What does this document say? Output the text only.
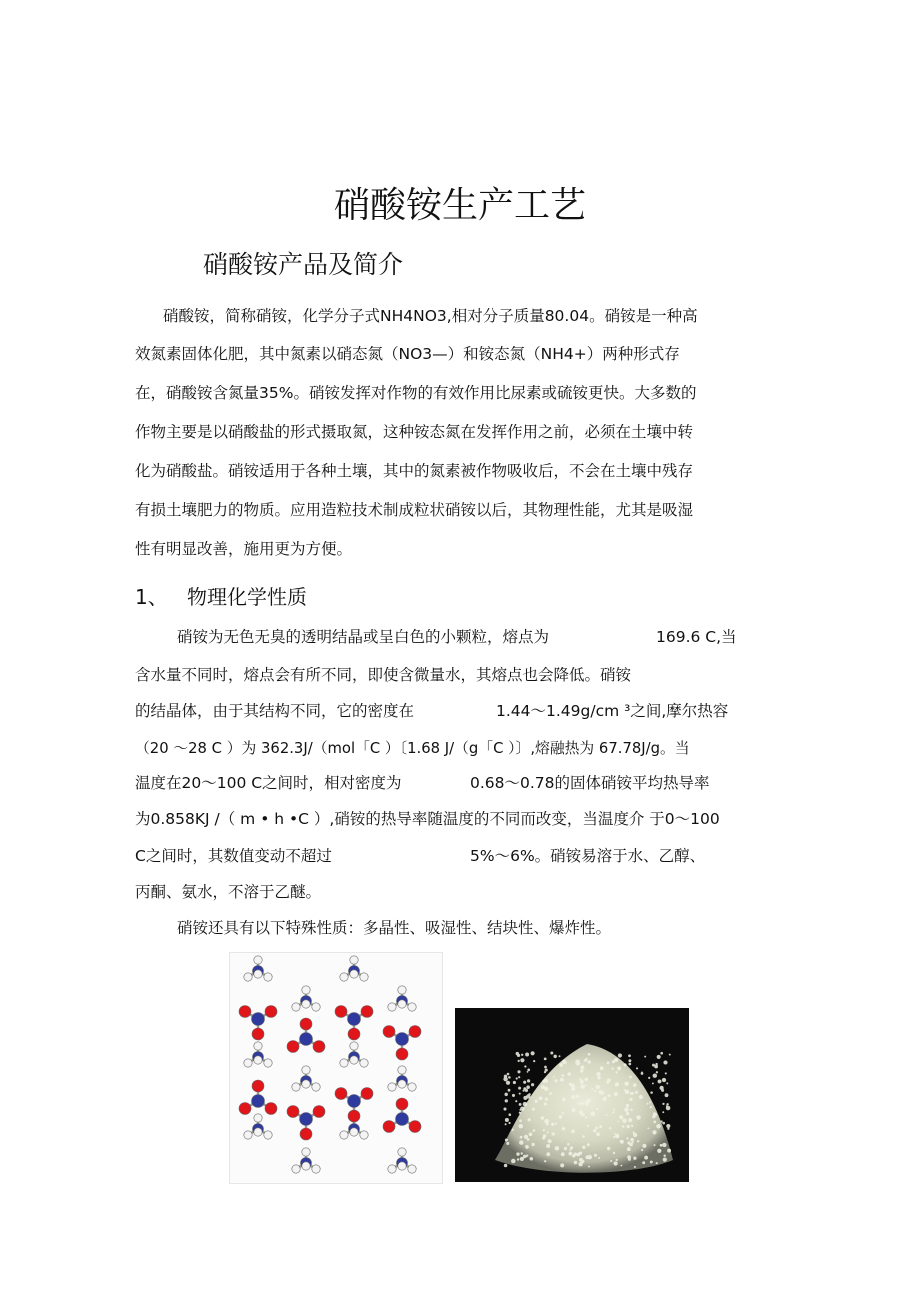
硝酸铵生产工艺
硝酸铵产品及简介
硝酸铵，简称硝铵，化学分子式NH4NO3,相对分子质量80.04。硝铵是一种高
效氮素固体化肥，其中氮素以硝态氮（NO3—）和铵态氮（NH4+）两种形式存
在，硝酸铵含氮量35%。硝铵发挥对作物的有效作用比尿素或硫铵更快。大多数的
作物主要是以硝酸盐的形式摄取氮，这种铵态氮在发挥作用之前，必须在土壤中转
化为硝酸盐。硝铵适用于各种土壤，其中的氮素被作物吸收后，不会在土壤中残存
有损土壤肥力的物质。应用造粒技术制成粒状硝铵以后，其物理性能，尤其是吸湿
性有明显改善，施用更为方便。
1、 物理化学性质
硝铵为无色无臭的透明结晶或呈白色的小颗粒，熔点为	169.6 C,当
含水量不同时，熔点会有所不同，即使含微量水，其熔点也会降低。硝铵
的结晶体，由于其结构不同，它的密度在	1.44～1.49g/cm ³之间,摩尔热容
（20 ～28 C ）为 362.3J/（mol「C ）〔1.68 J/（g「C ）〕,熔融热为 67.78J/g。当
温度在20～100 C之间时，相对密度为	0.68～0.78的固体硝铵平均热导率
为0.858KJ /（ m • h •C ）,硝铵的热导率随温度的不同而改变，当温度介 于0～100
C之间时，其数值变动不超过	5%～6%。硝铵易溶于水、乙醇、
丙酮、氨水，不溶于乙醚。
硝铵还具有以下特殊性质：多晶性、吸湿性、结块性、爆炸性。
